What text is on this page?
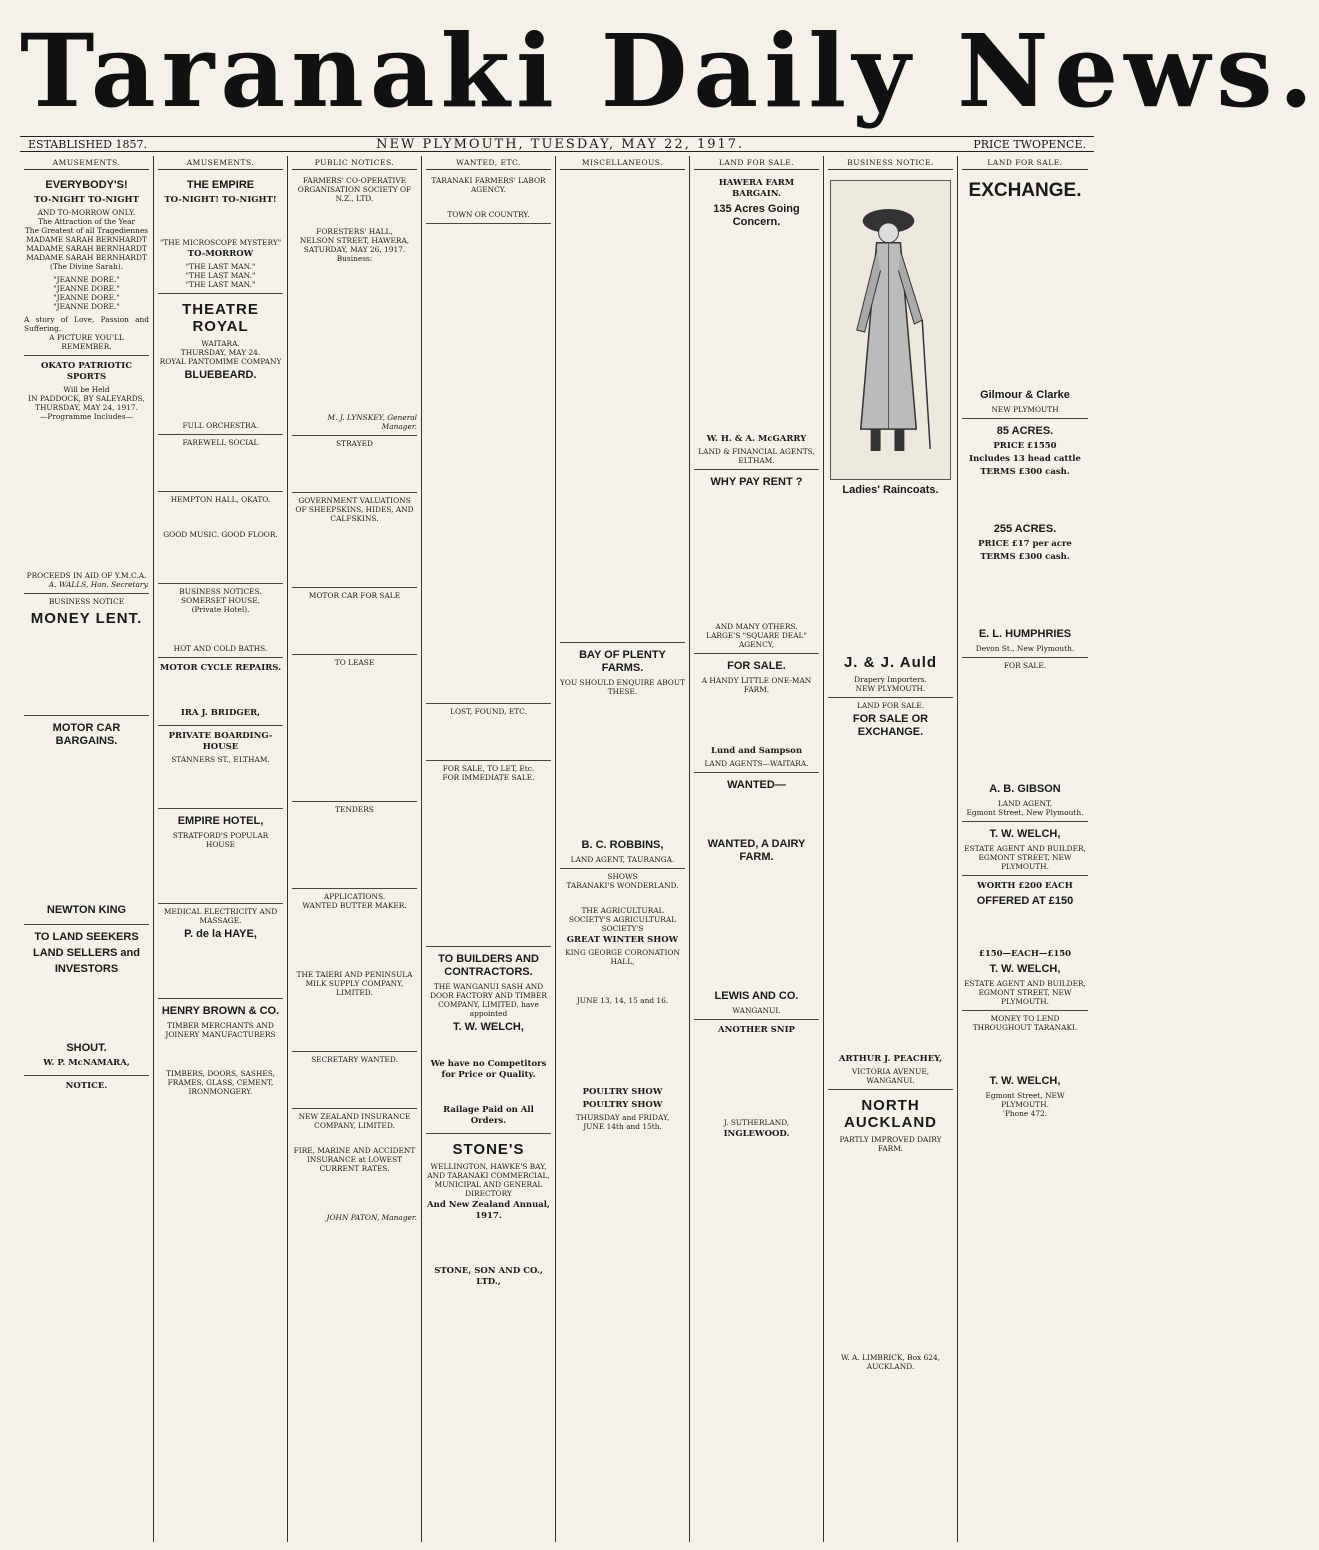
Taranaki Daily News.
ESTABLISHED 1857.	NEW PLYMOUTH, TUESDAY, MAY 22, 1917.	PRICE TWOPENCE.
AMUSEMENTS.
EVERYBODY'S!
TO-NIGHT TO-NIGHT
AND TO-MORROW ONLY.
The Attraction of the Year
The Greatest of all Tragediennes
MADAME SARAH BERNHARDT
MADAME SARAH BERNHARDT
MADAME SARAH BERNHARDT
(The Divine Sarah).
"JEANNE DORE."
"JEANNE DORE."
"JEANNE DORE."
"JEANNE DORE."
A story of Love, Passion and Suffering.
A PICTURE YOU'LL REMEMBER.
OKATO PATRIOTIC SPORTS
Will be Held
IN PADDOCK, BY SALEYARDS,
THURSDAY, MAY 24, 1917.
—Programme Includes—
PROCEEDS IN AID OF Y.M.C.A.
A. WALLS, Hon. Secretary.
BUSINESS NOTICE
MONEY LENT.
MOTOR CAR BARGAINS.
NEWTON KING
TO LAND SEEKERS
LAND SELLERS and
INVESTORS
SHOUT.
W. P. McNAMARA,
NOTICE.
AMUSEMENTS.
THE EMPIRE
TO-NIGHT! TO-NIGHT!
"THE MICROSCOPE MYSTERY"
TO-MORROW
"THE LAST MAN."
"THE LAST MAN."
"THE LAST MAN."
THEATRE ROYAL
WAITARA.
THURSDAY, MAY 24.
ROYAL PANTOMIME COMPANY
BLUEBEARD.
FULL ORCHESTRA.
FAREWELL SOCIAL
HEMPTON HALL, OKATO.
GOOD MUSIC. GOOD FLOOR.
BUSINESS NOTICES.
SOMERSET HOUSE,
(Private Hotel).
HOT AND COLD BATHS.
MOTOR CYCLE REPAIRS.
IRA J. BRIDGER,
PRIVATE BOARDING-HOUSE
STANNERS ST., ELTHAM.
EMPIRE HOTEL,
STRATFORD'S POPULAR HOUSE
MEDICAL ELECTRICITY AND MASSAGE.
P. de la HAYE,
HENRY BROWN & CO.
TIMBER MERCHANTS AND JOINERY MANUFACTURERS
TIMBERS, DOORS, SASHES, FRAMES, GLASS, CEMENT, IRONMONGERY.
PUBLIC NOTICES.
FARMERS' CO-OPERATIVE ORGANISATION SOCIETY OF N.Z., LTD.
FORESTERS' HALL,
NELSON STREET, HAWERA,
SATURDAY, MAY 26, 1917.
Business:
M. J. LYNSKEY, General Manager.
STRAYED
GOVERNMENT VALUATIONS OF SHEEPSKINS, HIDES, AND CALFSKINS.
MOTOR CAR FOR SALE
TO LEASE
TENDERS
APPLICATIONS.
WANTED BUTTER MAKER.
THE TAIERI AND PENINSULA MILK SUPPLY COMPANY, LIMITED.
SECRETARY WANTED.
NEW ZEALAND INSURANCE COMPANY, LIMITED.
FIRE, MARINE AND ACCIDENT INSURANCE at LOWEST CURRENT RATES.
JOHN PATON, Manager.
WANTED, ETC.
TARANAKI FARMERS' LABOR AGENCY.
TOWN OR COUNTRY.
LOST, FOUND, ETC.
FOR SALE, TO LET, Etc.
FOR IMMEDIATE SALE.
TO BUILDERS AND CONTRACTORS.
THE WANGANUI SASH AND DOOR FACTORY AND TIMBER COMPANY, LIMITED, have appointed
T. W. WELCH,
We have no Competitors for Price or Quality.
Railage Paid on All Orders.
STONE'S
WELLINGTON, HAWKE'S BAY, AND TARANAKI COMMERCIAL, MUNICIPAL AND GENERAL DIRECTORY
And New Zealand Annual, 1917.
STONE, SON AND CO., LTD.,
MISCELLANEOUS.
BAY OF PLENTY FARMS.
YOU SHOULD ENQUIRE ABOUT THESE.
B. C. ROBBINS,
LAND AGENT, TAURANGA.
SHOWS
TARANAKI'S WONDERLAND.
THE AGRICULTURAL SOCIETY'S AGRICULTURAL SOCIETY'S
GREAT WINTER SHOW
KING GEORGE CORONATION HALL,
JUNE 13, 14, 15 and 16.
POULTRY SHOW
POULTRY SHOW
THURSDAY and FRIDAY,
JUNE 14th and 15th.
LAND FOR SALE.
HAWERA FARM BARGAIN.
135 Acres Going Concern.
W. H. & A. McGARRY
LAND & FINANCIAL AGENTS, ELTHAM.
WHY PAY RENT ?
AND MANY OTHERS.
LARGE'S "SQUARE DEAL" AGENCY,
FOR SALE.
A HANDY LITTLE ONE-MAN FARM.
Lund and Sampson
LAND AGENTS—WAITARA.
WANTED—
WANTED, A DAIRY FARM.
LEWIS AND CO.
WANGANUI.
ANOTHER SNIP
J. SUTHERLAND,
INGLEWOOD.
BUSINESS NOTICE.
Ladies' Raincoats.
J. & J. Auld
Drapery Importers.
NEW PLYMOUTH.
LAND FOR SALE.
FOR SALE OR EXCHANGE.
ARTHUR J. PEACHEY,
VICTORIA AVENUE,
WANGANUI.
NORTH AUCKLAND
PARTLY IMPROVED DAIRY FARM.
W. A. LIMBRICK, Box 624, AUCKLAND.
LAND FOR SALE.
EXCHANGE.
Gilmour & Clarke
NEW PLYMOUTH
85 ACRES.
PRICE £1550
Includes 13 head cattle
TERMS £300 cash.
255 ACRES.
PRICE £17 per acre
TERMS £300 cash.
E. L. HUMPHRIES
Devon St., New Plymouth.
FOR SALE.
A. B. GIBSON
LAND AGENT,
Egmont Street, New Plymouth.
T. W. WELCH,
ESTATE AGENT AND BUILDER, EGMONT STREET, NEW PLYMOUTH.
WORTH £200 EACH
OFFERED AT £150
£150—EACH—£150
T. W. WELCH,
ESTATE AGENT AND BUILDER, EGMONT STREET, NEW PLYMOUTH.
MONEY TO LEND THROUGHOUT TARANAKI.
T. W. WELCH,
Egmont Street, NEW PLYMOUTH.
'Phone 472.
